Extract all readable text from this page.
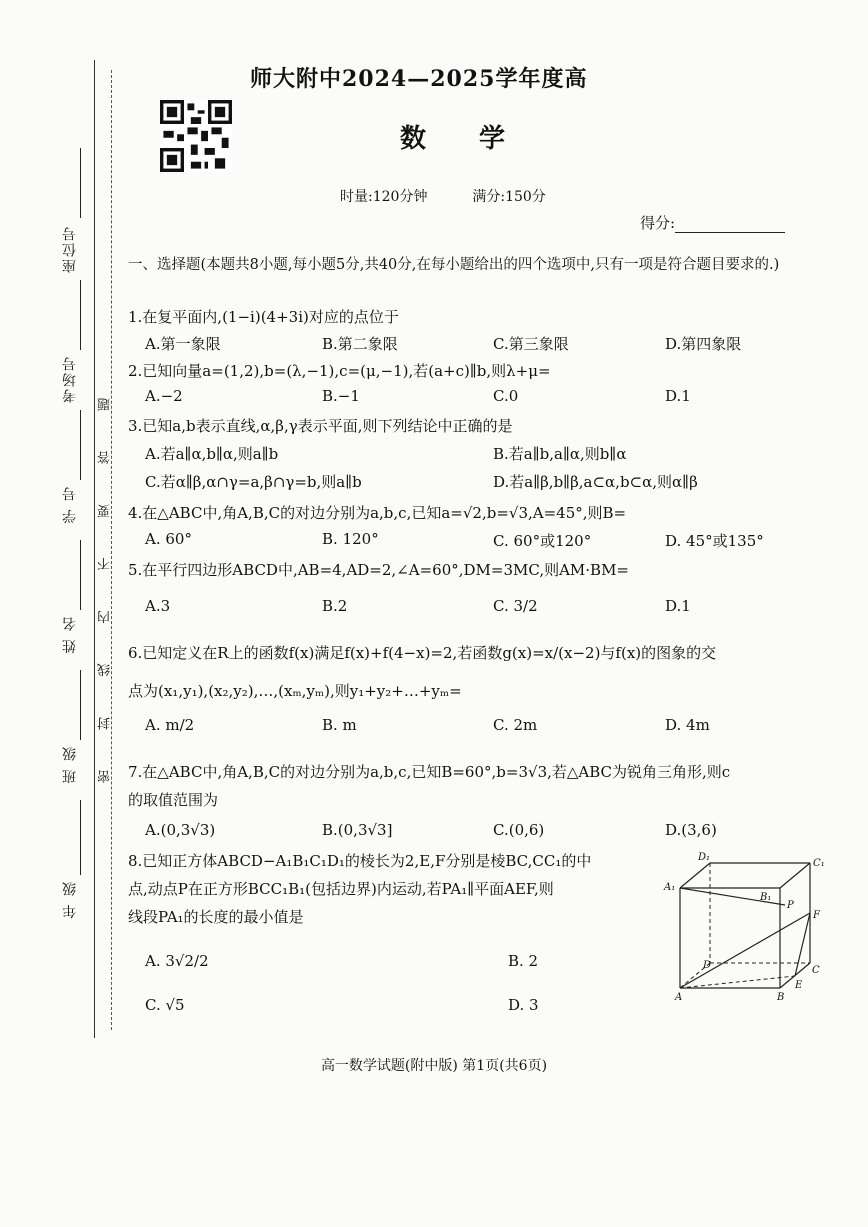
座位号
考场号
学 号
姓 名
班 级
年 级
密 封 线 内 不 要 答 题
师大附中2024—2025学年度高
数 学
时量:120分钟	满分:150分
得分:
一、选择题(本题共8小题,每小题5分,共40分,在每小题给出的四个选项中,只有一项是符合题目要求的.)
1.在复平面内,(1−i)(4+3i)对应的点位于
A.第一象限	B.第二象限	C.第三象限	D.第四象限
2.已知向量a=(1,2),b=(λ,−1),c=(μ,−1),若(a+c)∥b,则λ+μ=
A.−2	B.−1	C.0	D.1
3.已知a,b表示直线,α,β,γ表示平面,则下列结论中正确的是
A.若a∥α,b∥α,则a∥b	B.若a∥b,a∥α,则b∥α
C.若α∥β,α∩γ=a,β∩γ=b,则a∥b	D.若a∥β,b∥β,a⊂α,b⊂α,则α∥β
4.在△ABC中,角A,B,C的对边分别为a,b,c,已知a=√2,b=√3,A=45°,则B=
A. 60°	B. 120°	C. 60°或120°	D. 45°或135°
5.在平行四边形ABCD中,AB=4,AD=2,∠A=60°,DM=3MC,则AM·BM=
A.3	B.2	C. 3/2	D.1
6.已知定义在R上的函数f(x)满足f(x)+f(4−x)=2,若函数g(x)=x/(x−2)与f(x)的图象的交
点为(x₁,y₁),(x₂,y₂),…,(xₘ,yₘ),则y₁+y₂+…+yₘ=
A. m/2	B. m	C. 2m	D. 4m
7.在△ABC中,角A,B,C的对边分别为a,b,c,已知B=60°,b=3√3,若△ABC为锐角三角形,则c
的取值范围为
A.(0,3√3)	B.(0,3√3]	C.(0,6)	D.(3,6)
8.已知正方体ABCD−A₁B₁C₁D₁的棱长为2,E,F分别是棱BC,CC₁的中
点,动点P在正方形BCC₁B₁(包括边界)内运动,若PA₁∥平面AEF,则
线段PA₁的长度的最小值是
A. 3√2/2	B. 2
C. √5	D. 3
D₁
C₁
A₁
B₁
P
F
D	C
E
A	B
高一数学试题(附中版) 第1页(共6页)
